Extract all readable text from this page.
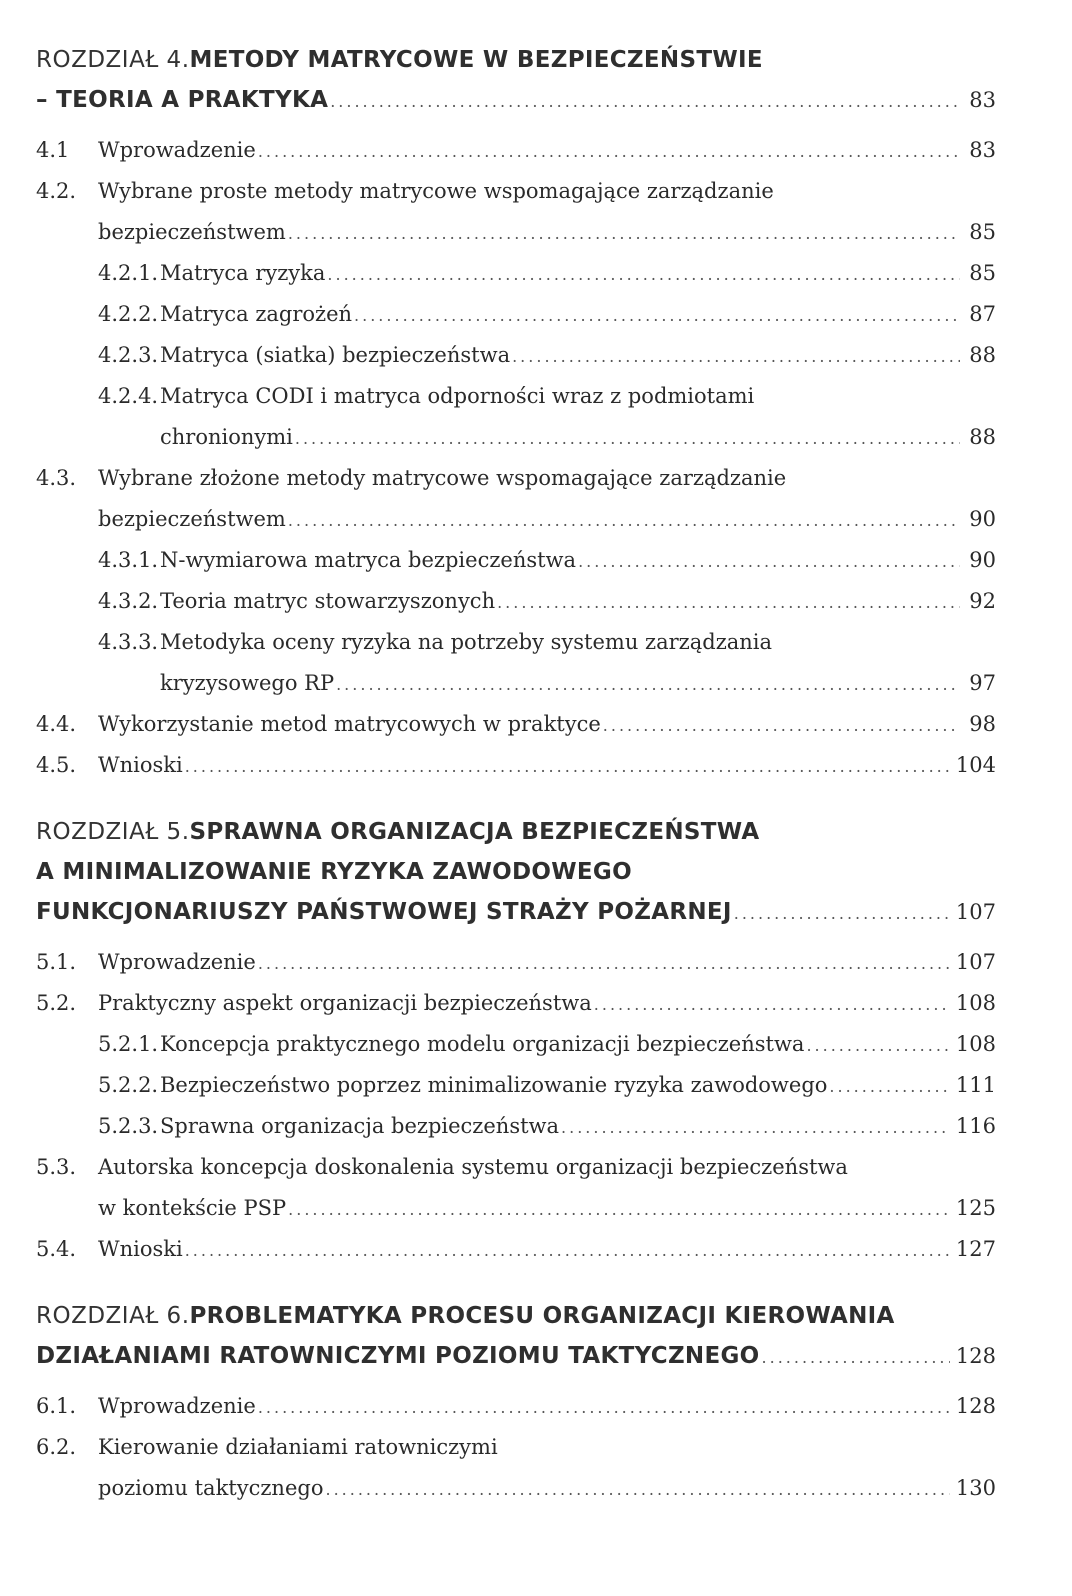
ROZDZIAŁ 4. METODY MATRYCOWE W BEZPIECZEŃSTWIE
– TEORIA A PRAKTYKA .....	83
4.1	Wprowadzenie .....	83
4.2.	Wybrane proste metody matrycowe wspomagające zarządzanie
bezpieczeństwem .....	85
4.2.1. Matryca ryzyka .....	85
4.2.2. Matryca zagrożeń .....	87
4.2.3. Matryca (siatka) bezpieczeństwa .....	88
4.2.4. Matryca CODI i matryca odporności wraz z podmiotami
chronionymi .....	88
4.3.	Wybrane złożone metody matrycowe wspomagające zarządzanie
bezpieczeństwem .....	90
4.3.1. N-wymiarowa matryca bezpieczeństwa .....	90
4.3.2. Teoria matryc stowarzyszonych .....	92
4.3.3. Metodyka oceny ryzyka na potrzeby systemu zarządzania
kryzysowego RP .....	97
4.4.	Wykorzystanie metod matrycowych w praktyce .....	98
4.5.	Wnioski .....	104
ROZDZIAŁ 5. SPRAWNA ORGANIZACJA BEZPIECZEŃSTWA
A MINIMALIZOWANIE RYZYKA ZAWODOWEGO
FUNKCJONARIUSZY PAŃSTWOWEJ STRAŻY POŻARNEJ .....	107
5.1.	Wprowadzenie .....	107
5.2.	Praktyczny aspekt organizacji bezpieczeństwa .....	108
5.2.1. Koncepcja praktycznego modelu organizacji bezpieczeństwa .....	108
5.2.2. Bezpieczeństwo poprzez minimalizowanie ryzyka zawodowego .....	111
5.2.3. Sprawna organizacja bezpieczeństwa .....	116
5.3.	Autorska koncepcja doskonalenia systemu organizacji bezpieczeństwa
w kontekście PSP .....	125
5.4.	Wnioski .....	127
ROZDZIAŁ 6. PROBLEMATYKA PROCESU ORGANIZACJI KIEROWANIA
DZIAŁANIAMI RATOWNICZYMI POZIOMU TAKTYCZNEGO .....	128
6.1.	Wprowadzenie .....	128
6.2.	Kierowanie działaniami ratowniczymi
poziomu taktycznego .....	130
